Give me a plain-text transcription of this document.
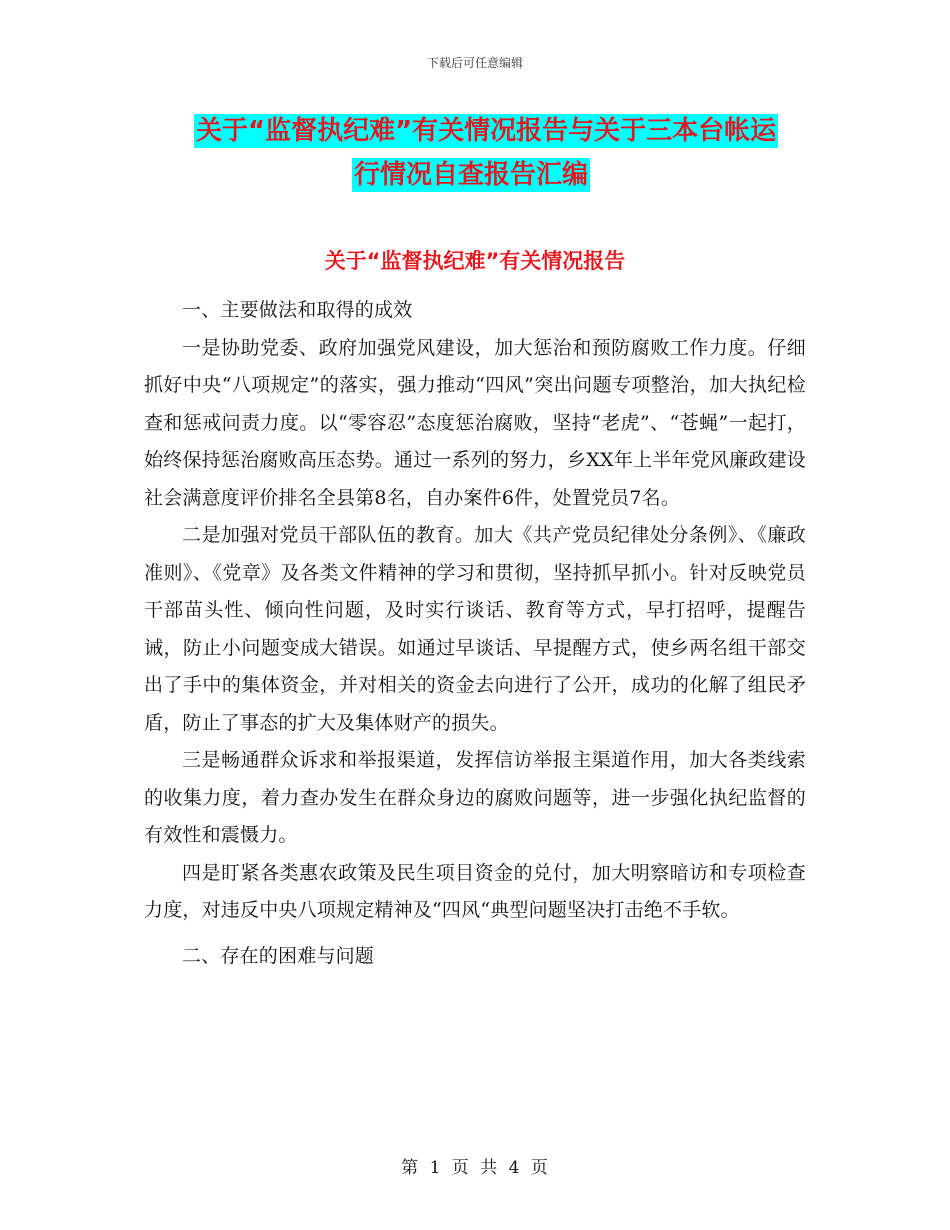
下载后可任意编辑
关于“监督执纪难”有关情况报告与关于三本台帐运
行情况自查报告汇编
关于“监督执纪难”有关情况报告

一、主要做法和取得的成效

一是协助党委、政府加强党风建设，加大惩治和预防腐败工作力度。仔细抓好中央“八项规定”的落实，强力推动“四风”突出问题专项整治，加大执纪检查和惩戒问责力度。以“零容忍”态度惩治腐败，坚持“老虎”、“苍蝇”一起打，始终保持惩治腐败高压态势。通过一系列的努力，乡XX年上半年党风廉政建设社会满意度评价排名全县第8名，自办案件6件，处置党员7名。

二是加强对党员干部队伍的教育。加大《共产党员纪律处分条例》、《廉政准则》、《党章》及各类文件精神的学习和贯彻，坚持抓早抓小。针对反映党员干部苗头性、倾向性问题，及时实行谈话、教育等方式，早打招呼，提醒告诫，防止小问题变成大错误。如通过早谈话、早提醒方式，使乡两名组干部交出了手中的集体资金，并对相关的资金去向进行了公开，成功的化解了组民矛盾，防止了事态的扩大及集体财产的损失。

三是畅通群众诉求和举报渠道，发挥信访举报主渠道作用，加大各类线索的收集力度，着力查办发生在群众身边的腐败问题等，进一步强化执纪监督的有效性和震慑力。

四是盯紧各类惠农政策及民生项目资金的兑付，加大明察暗访和专项检查力度，对违反中央八项规定精神及“四风“典型问题坚决打击绝不手软。

二、存在的困难与问题

第 1 页 共 4 页
